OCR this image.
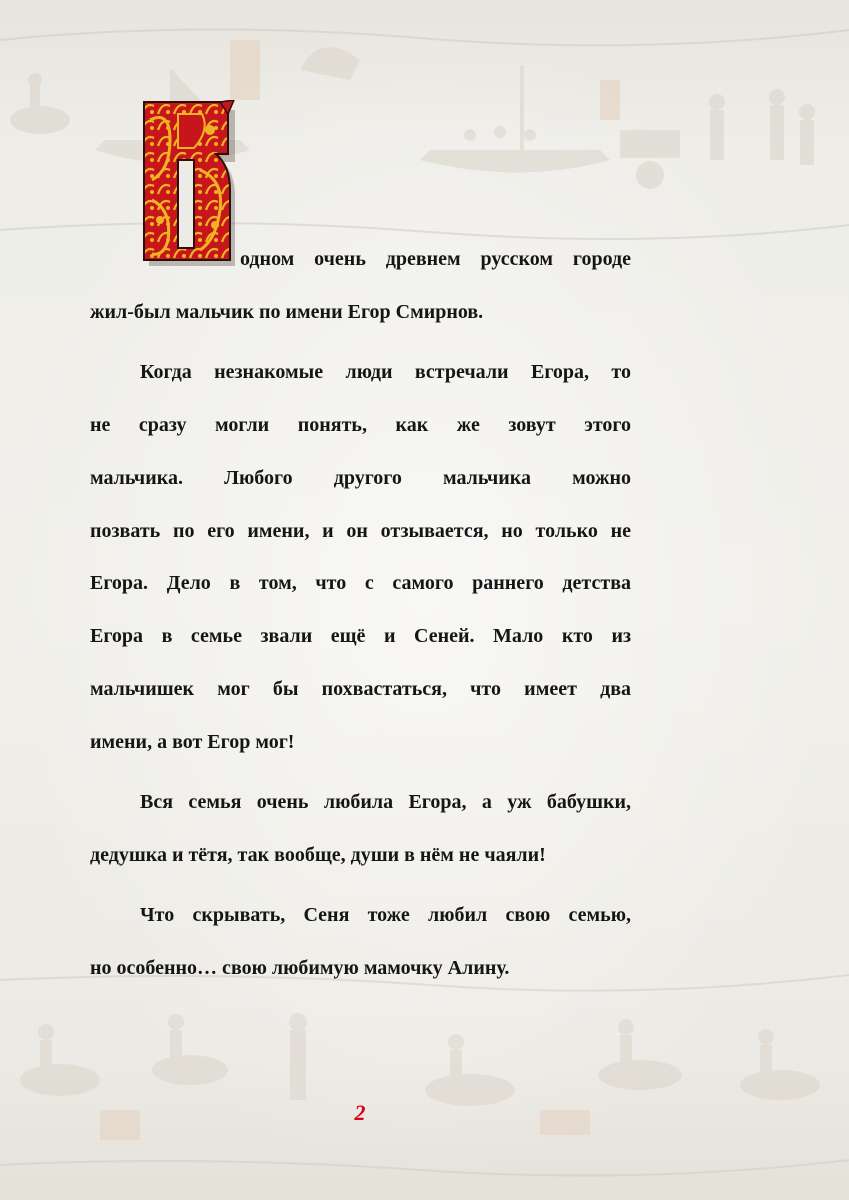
одном очень древнем русском городе
жил-был мальчик по имени Егор Смирнов.
Когда незнакомые люди встречали Егора, то
не сразу могли понять, как же зовут этого
мальчика. Любого другого мальчика можно
позвать по его имени, и он отзывается, но только не
Егора. Дело в том, что с самого раннего детства
Егора в семье звали ещё и Сеней. Мало кто из
мальчишек мог бы похвастаться, что имеет два
имени, а вот Егор мог!
Вся семья очень любила Егора, а уж бабушки,
дедушка и тётя, так вообще, души в нём не чаяли!
Что скрывать, Сеня тоже любил свою семью,
но особенно… свою любимую мамочку Алину.
2
